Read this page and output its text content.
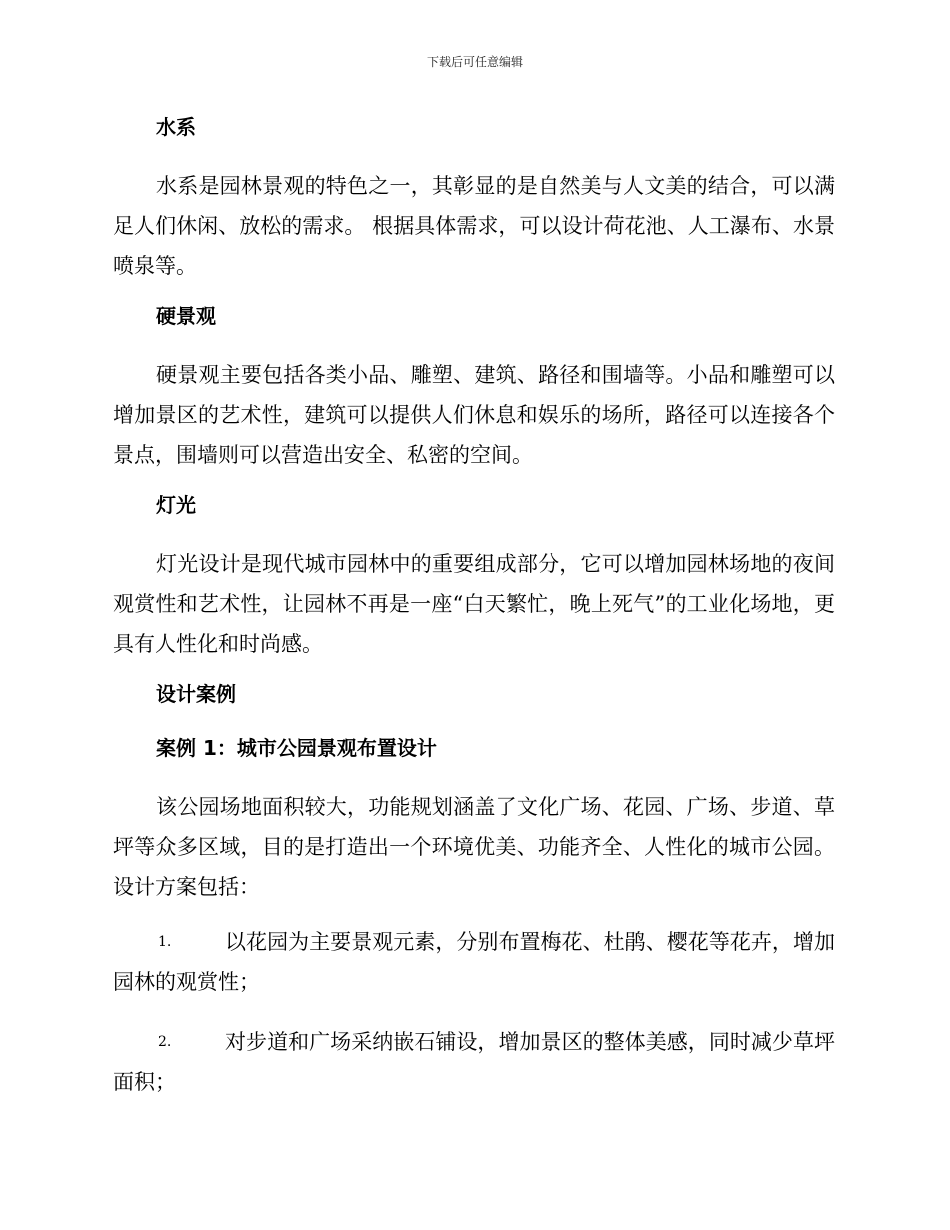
下载后可任意编辑
水系

水系是园林景观的特色之一，其彰显的是自然美与人文美的结合，可以满足人们休闲、放松的需求。 根据具体需求，可以设计荷花池、人工瀑布、水景喷泉等。

硬景观

硬景观主要包括各类小品、雕塑、建筑、路径和围墙等。小品和雕塑可以增加景区的艺术性，建筑可以提供人们休息和娱乐的场所，路径可以连接各个景点，围墙则可以营造出安全、私密的空间。

灯光

灯光设计是现代城市园林中的重要组成部分，它可以增加园林场地的夜间观赏性和艺术性，让园林不再是一座“白天繁忙，晚上死气”的工业化场地，更具有人性化和时尚感。

设计案例
案例 1：城市公园景观布置设计

该公园场地面积较大，功能规划涵盖了文化广场、花园、广场、步道、草坪等众多区域，目的是打造出一个环境优美、功能齐全、人性化的城市公园。设计方案包括：

1.	以花园为主要景观元素，分别布置梅花、杜鹃、樱花等花卉，增加园林的观赏性；

2.	对步道和广场采纳嵌石铺设，增加景区的整体美感，同时减少草坪面积；
